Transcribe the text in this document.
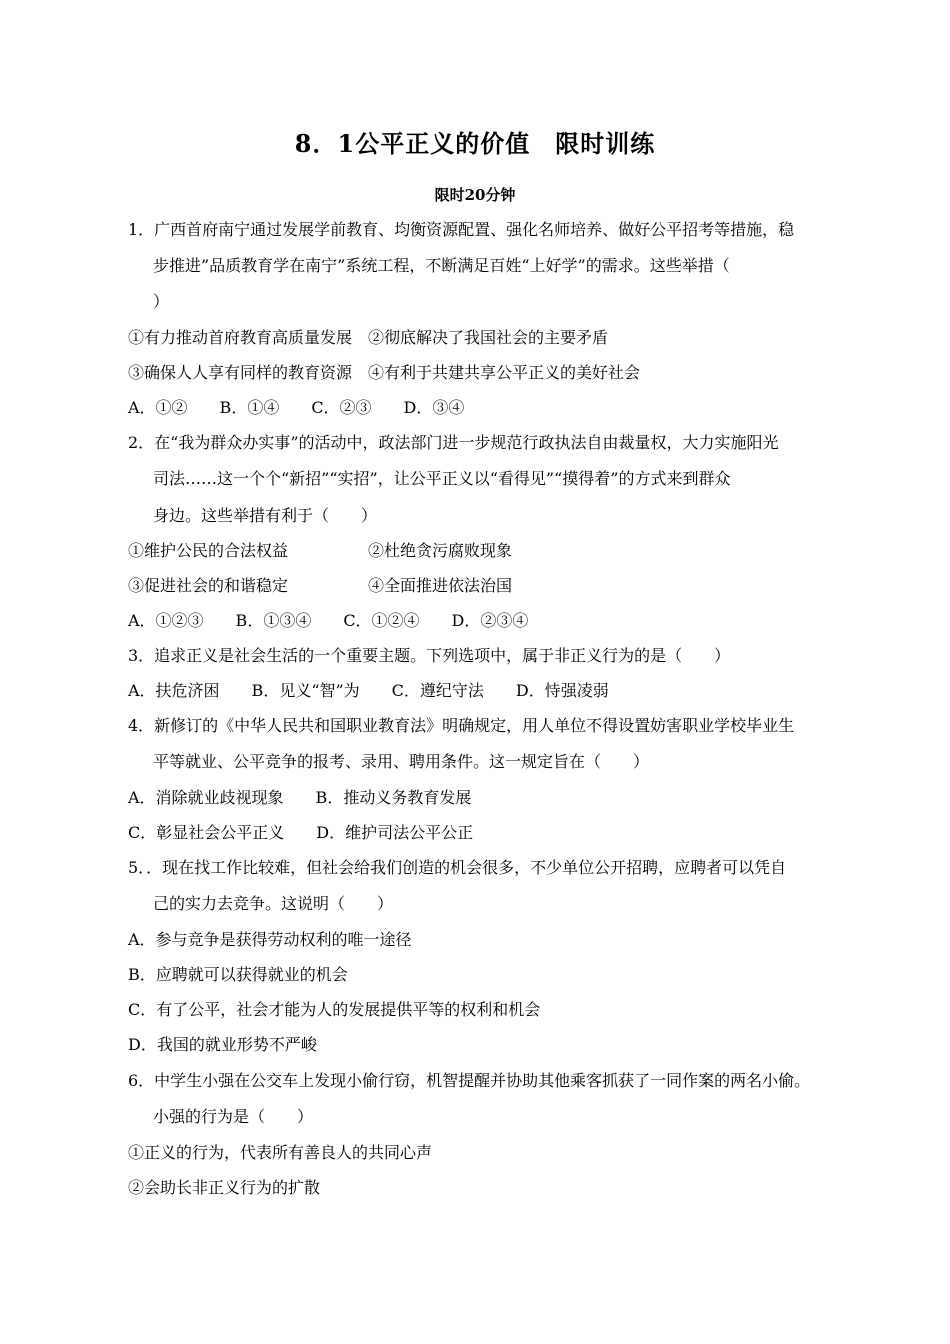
8．1公平正义的价值　限时训练
限时20分钟
1．广西首府南宁通过发展学前教育、均衡资源配置、强化名师培养、做好公平招考等措施，稳
步推进”品质教育学在南宁”系统工程，不断满足百姓“上好学”的需求。这些举措（
）
①有力推动首府教育高质量发展　②彻底解决了我国社会的主要矛盾
③确保人人享有同样的教育资源　④有利于共建共享公平正义的美好社会
A．①②　　B．①④　　C．②③　　D．③④
2．在“我为群众办实事”的活动中，政法部门进一步规范行政执法自由裁量权，大力实施阳光
司法……这一个个“新招”“实招”，让公平正义以“看得见”“摸得着”的方式来到群众
身边。这些举措有利于（　　）
①维护公民的合法权益　　　　　②杜绝贪污腐败现象
③促进社会的和谐稳定　　　　　④全面推进依法治国
A．①②③　　B．①③④　　C．①②④　　D．②③④
3．追求正义是社会生活的一个重要主题。下列选项中，属于非正义行为的是（　　）
A．扶危济困　　B．见义“智”为　　C．遵纪守法　　D．恃强凌弱
4．新修订的《中华人民共和国职业教育法》明确规定，用人单位不得设置妨害职业学校毕业生
平等就业、公平竞争的报考、录用、聘用条件。这一规定旨在（　　）
A．消除就业歧视现象　　B．推动义务教育发展
C．彰显社会公平正义　　D．维护司法公平公正
5．．现在找工作比较难，但社会给我们创造的机会很多，不少单位公开招聘，应聘者可以凭自
己的实力去竞争。这说明（　　）
A．参与竞争是获得劳动权利的唯一途径
B．应聘就可以获得就业的机会
C．有了公平，社会才能为人的发展提供平等的权利和机会
D．我国的就业形势不严峻
6．中学生小强在公交车上发现小偷行窃，机智提醒并协助其他乘客抓获了一同作案的两名小偷。
小强的行为是（　　）
①正义的行为，代表所有善良人的共同心声
②会助长非正义行为的扩散
